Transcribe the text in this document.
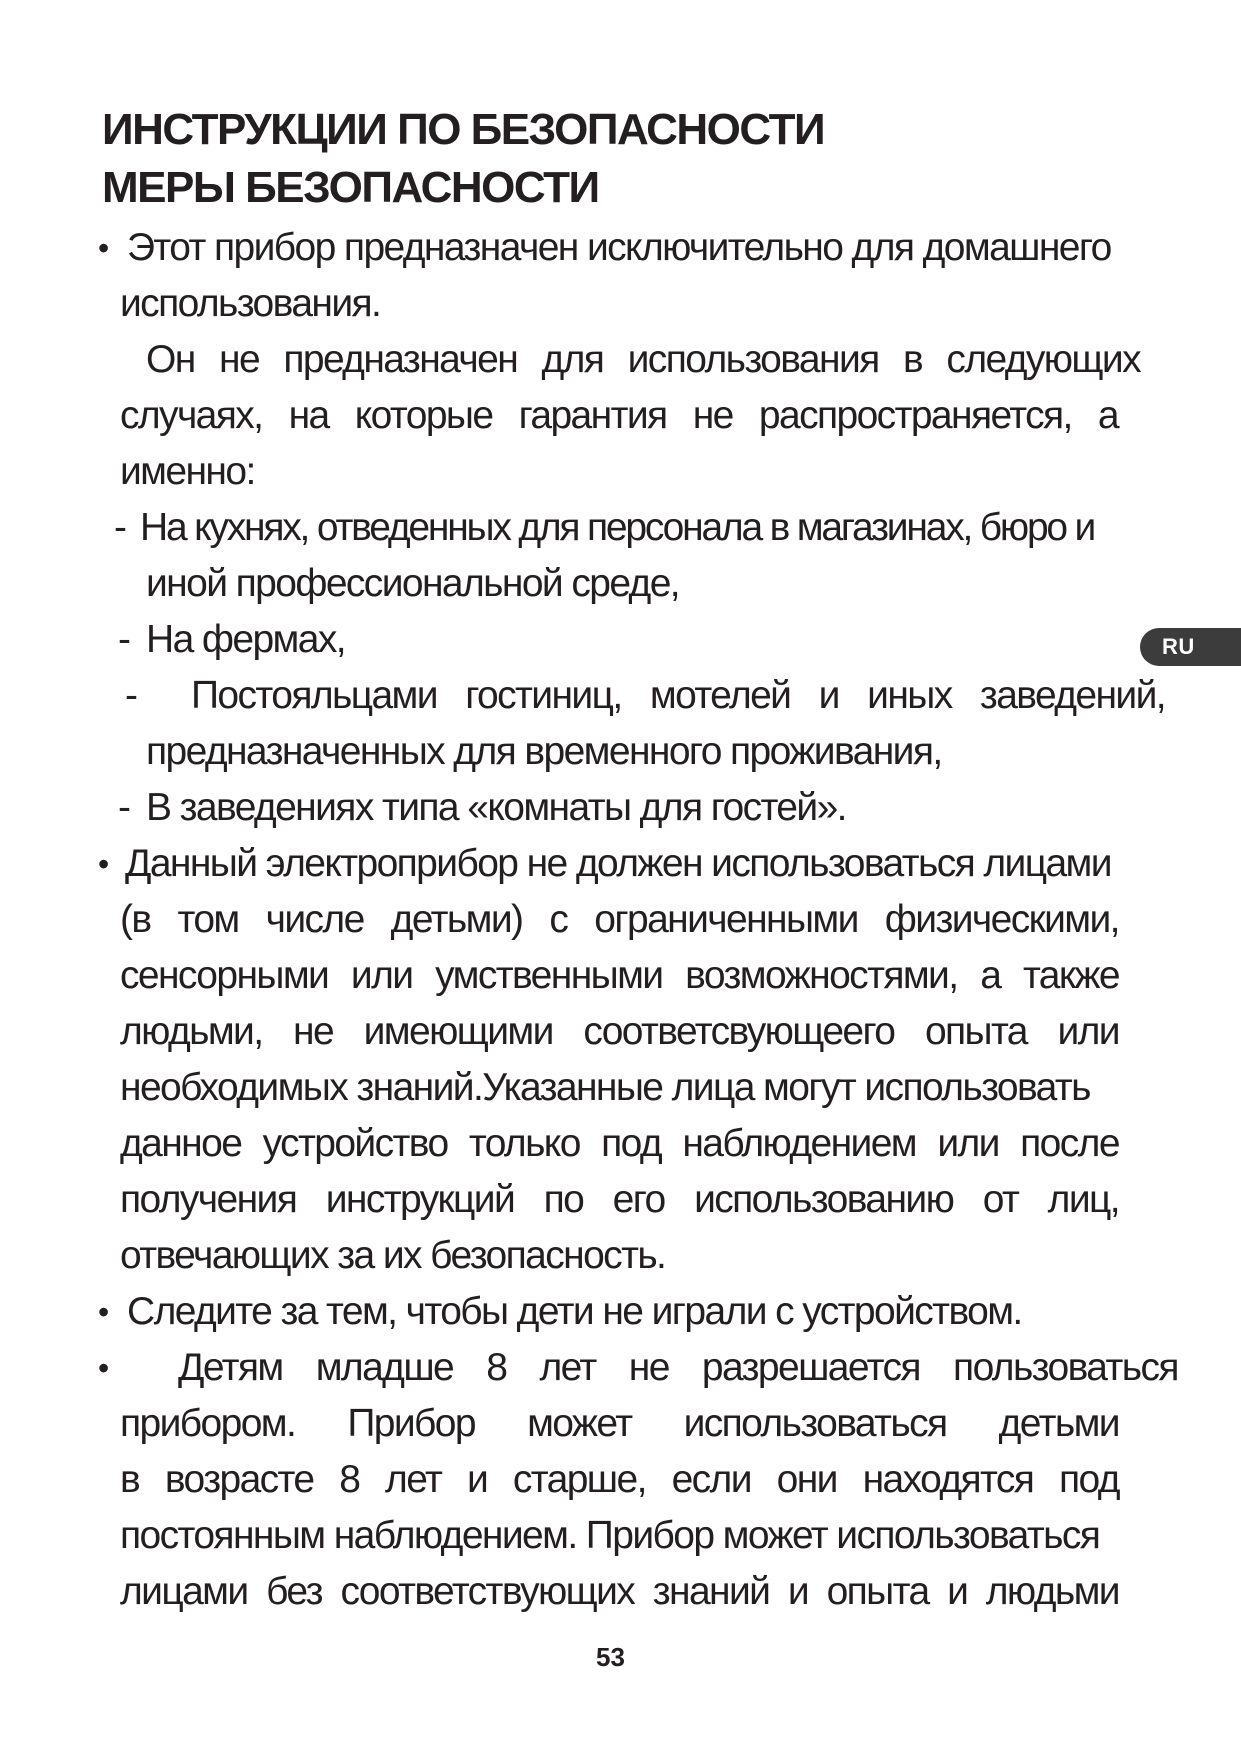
ИНСТРУКЦИИ ПО БЕЗОПАСНОСТИ
МЕРЫ БЕЗОПАСНОСТИ
RU
• Этот прибор предназначен исключительно для домашнего
использования.
Он не предназначен для использования в следующих
случаях, на которые гарантия не распространяется, а
именно:
- На кухнях, отведенных для персонала в магазинах, бюро и
иной профессиональной среде,
- На фермах,
- Постояльцами гостиниц, мотелей и иных заведений,
предназначенных для временного проживания,
- В заведениях типа «комнаты для гостей».
• Данный электроприбор не должен использоваться лицами
(в том числе детьми) с ограниченными физическими,
сенсорными или умственными возможностями, а также
людьми, не имеющими соответсвующеего опыта или
необходимых знаний.Указанные лица могут использовать
данное устройство только под наблюдением или после
получения инструкций по его использованию от лиц,
отвечающих за их безопасность.
• Следите за тем, чтобы дети не играли с устройством.
• Детям младше 8 лет не разрешается пользоваться
прибором. Прибор может использоваться детьми
в возрасте 8 лет и старше, если они находятся под
постоянным наблюдением. Прибор может использоваться
лицами без соответствующих знаний и опыта и людьми
53
